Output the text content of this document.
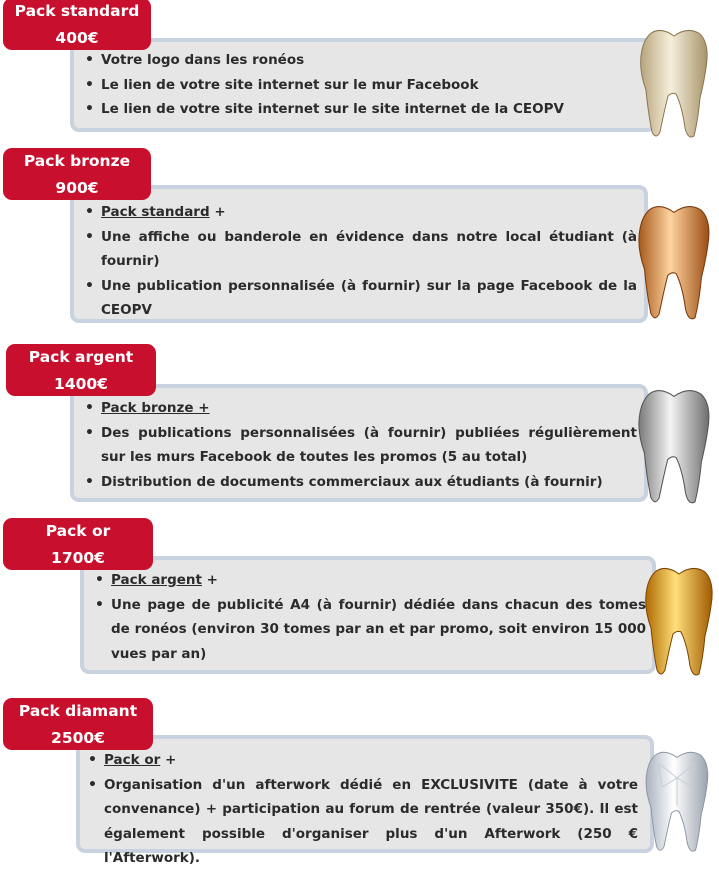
Pack standard
400€
• Votre logo dans les ronéos
• Le lien de votre site internet sur le mur Facebook
• Le lien de votre site internet sur le site internet de la CEOPV
Pack bronze
900€
• Pack standard +
• Une affiche ou banderole en évidence dans notre local étudiant (à fournir)
• Une publication personnalisée (à fournir) sur la page Facebook de la CEOPV
Pack argent
1400€
• Pack bronze +
• Des publications personnalisées (à fournir) publiées régulièrement sur les murs Facebook de toutes les promos (5 au total)
• Distribution de documents commerciaux aux étudiants (à fournir)
Pack or
1700€
• Pack argent +
• Une page de publicité A4 (à fournir) dédiée dans chacun des tomes de ronéos (environ 30 tomes par an et par promo, soit environ 15 000 vues par an)
Pack diamant
2500€
• Pack or +
• Organisation d'un afterwork dédié en EXCLUSIVITE (date à votre convenance) + participation au forum de rentrée (valeur 350€). Il est également possible d'organiser plus d'un Afterwork (250 € l'Afterwork).
